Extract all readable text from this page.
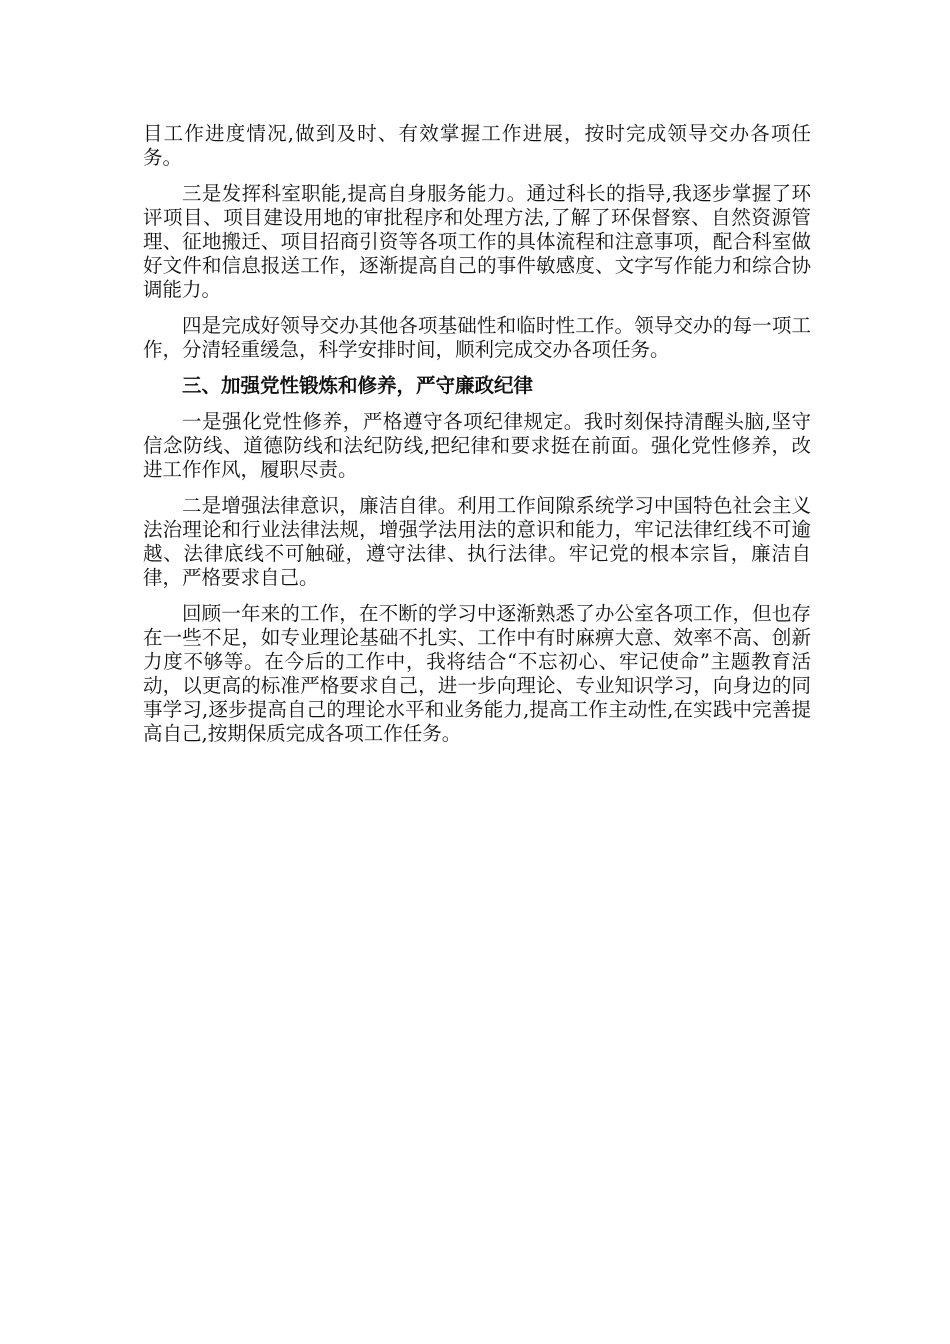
目工作进度情况,做到及时、有效掌握工作进展，按时完成领导交办各项任务。

三是发挥科室职能,提高自身服务能力。通过科长的指导,我逐步掌握了环评项目、项目建设用地的审批程序和处理方法,了解了环保督察、自然资源管理、征地搬迁、项目招商引资等各项工作的具体流程和注意事项，配合科室做好文件和信息报送工作，逐渐提高自己的事件敏感度、文字写作能力和综合协调能力。

四是完成好领导交办其他各项基础性和临时性工作。领导交办的每一项工作，分清轻重缓急，科学安排时间，顺利完成交办各项任务。

三、加强党性锻炼和修养，严守廉政纪律

一是强化党性修养，严格遵守各项纪律规定。我时刻保持清醒头脑,坚守信念防线、道德防线和法纪防线,把纪律和要求挺在前面。强化党性修养，改进工作作风，履职尽责。

二是增强法律意识，廉洁自律。利用工作间隙系统学习中国特色社会主义法治理论和行业法律法规，增强学法用法的意识和能力，牢记法律红线不可逾越、法律底线不可触碰，遵守法律、执行法律。牢记党的根本宗旨，廉洁自律，严格要求自己。

回顾一年来的工作，在不断的学习中逐渐熟悉了办公室各项工作，但也存在一些不足，如专业理论基础不扎实、工作中有时麻痹大意、效率不高、创新力度不够等。在今后的工作中，我将结合“不忘初心、牢记使命”主题教育活动，以更高的标准严格要求自己，进一步向理论、专业知识学习，向身边的同事学习,逐步提高自己的理论水平和业务能力,提高工作主动性,在实践中完善提高自己,按期保质完成各项工作任务。
